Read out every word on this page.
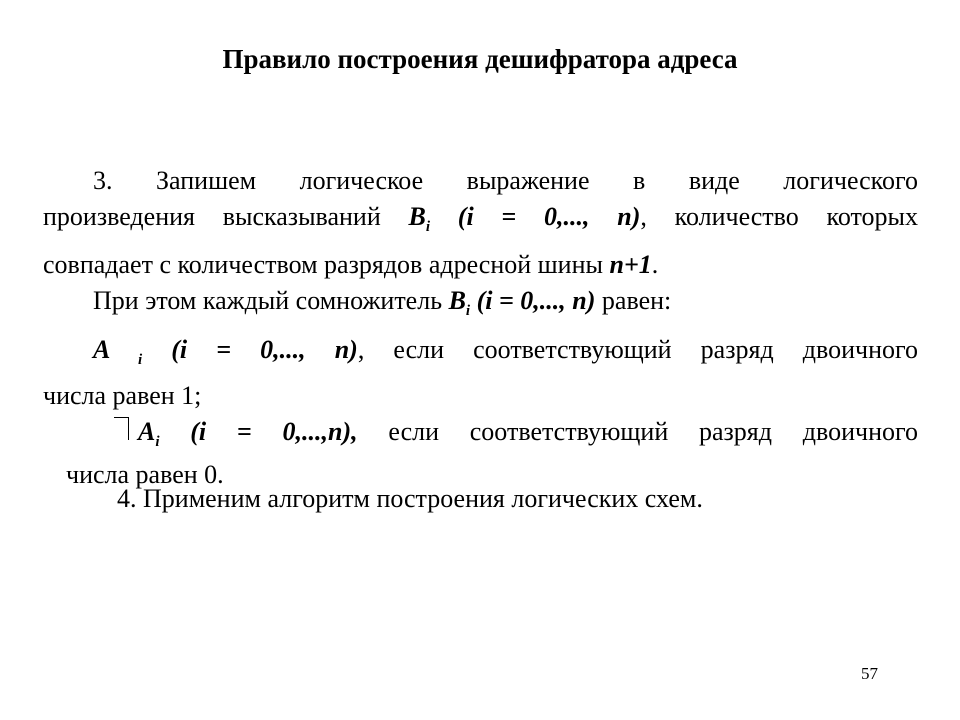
Правило построения дешифратора адреса
3. Запишем логическое выражение в виде логического
произведения высказываний $B_i$ (i = 0,..., n), количество которых
совпадает с количеством разрядов адресной шины n+1.
При этом каждый сомножитель $B_i$ (i = 0,..., n) равен:
A $_i$ (i = 0,..., n), если соответствующий разряд двоичного
числа равен 1;
$A_i$ (i = 0,...,n), если соответствующий разряд двоичного
числа равен 0.
4. Применим алгоритм построения логических схем.
57
